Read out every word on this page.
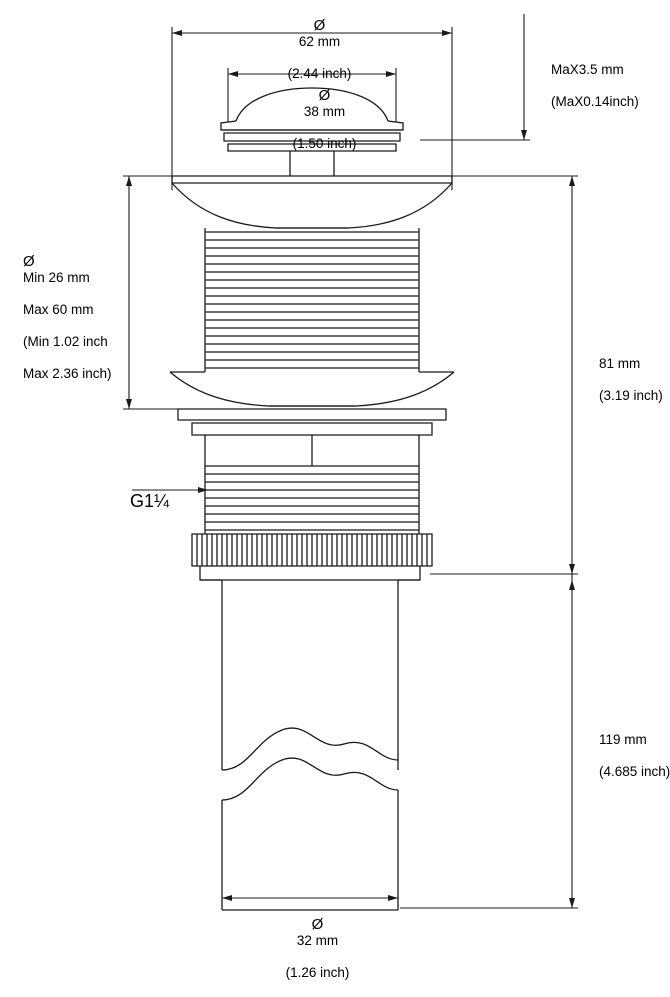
Ø
62 mm

(2.44 inch)

Ø
38 mm

(1.50 inch)

MaX3.5 mm

(MaX0.14inch)

Ø
Min 26 mm

Max 60 mm

(Min 1.02 inch

Max 2.36 inch)

G1¼

81 mm

(3.19 inch)

119 mm

(4.685 inch)

Ø
32 mm

(1.26 inch)
